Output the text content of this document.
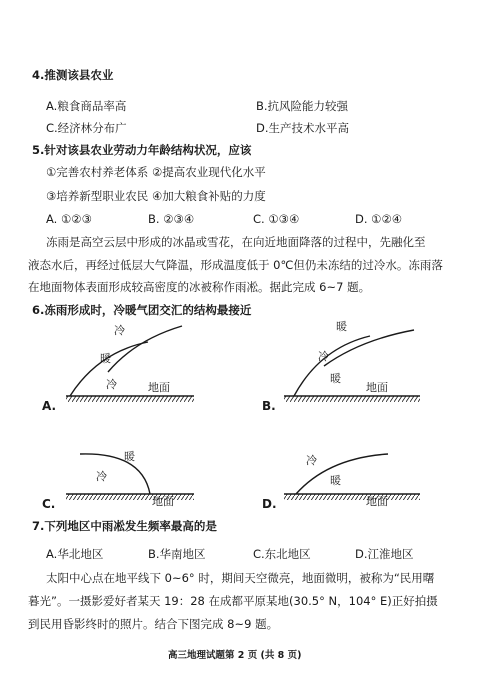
4.推测该县农业
A.粮食商品率高	B.抗风险能力较强
C.经济林分布广	D.生产技术水平高
5.针对该县农业劳动力年龄结构状况，应该
①完善农村养老体系 ②提高农业现代化水平
③培养新型职业农民 ④加大粮食补贴的力度
A. ①②③	B. ②③④	C. ①③④	D. ①②④
冻雨是高空云层中形成的冰晶或雪花，在向近地面降落的过程中，先融化至
液态水后，再经过低层大气降温，形成温度低于 0℃但仍未冻结的过冷水。冻雨落
在地面物体表面形成较高密度的冰被称作雨凇。据此完成 6~7 题。
6.冻雨形成时，冷暖气团交汇的结构最接近
冷
暖
冷	地面
A.
暖
冷
暖
地面
B.
暖
冷
地面
C.
冷
暖
地面
D.
7.下列地区中雨凇发生频率最高的是
A.华北地区	B.华南地区	C.东北地区	D.江淮地区
太阳中心点在地平线下 0~6° 时，期间天空微亮，地面微明，被称为“民用曙
暮光”。一摄影爱好者某天 19：28 在成都平原某地(30.5° N，104° E)正好拍摄
到民用昏影终时的照片。结合下图完成 8~9 题。
高三地理试题第 2 页 (共 8 页)
